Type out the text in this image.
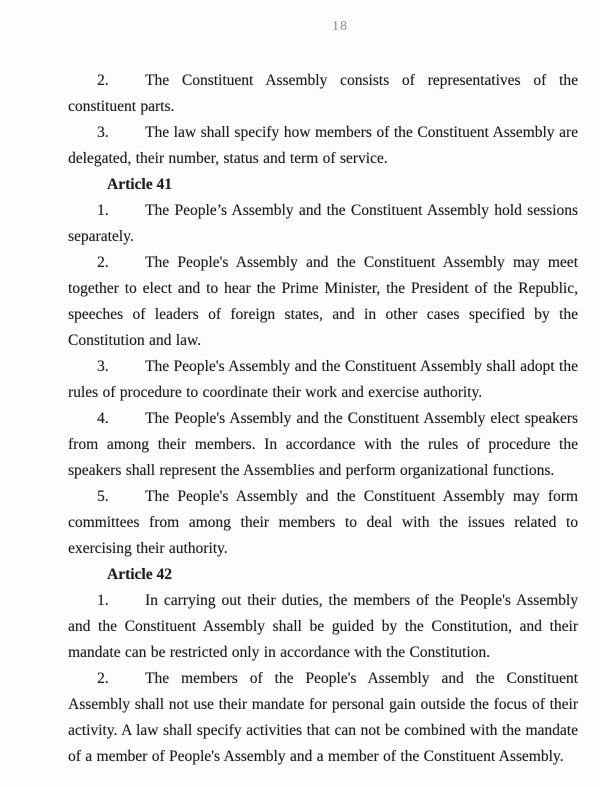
18

2. The Constituent Assembly consists of representatives of the constituent parts.

3. The law shall specify how members of the Constituent Assembly are delegated, their number, status and term of service.

Article 41

1. The People’s Assembly and the Constituent Assembly hold sessions separately.

2. The People's Assembly and the Constituent Assembly may meet together to elect and to hear the Prime Minister, the President of the Republic, speeches of leaders of foreign states, and in other cases specified by the Constitution and law.

3. The People's Assembly and the Constituent Assembly shall adopt the rules of procedure to coordinate their work and exercise authority.

4. The People's Assembly and the Constituent Assembly elect speakers from among their members. In accordance with the rules of procedure the speakers shall represent the Assemblies and perform organizational functions.

5. The People's Assembly and the Constituent Assembly may form committees from among their members to deal with the issues related to exercising their authority.

Article 42

1. In carrying out their duties, the members of the People's Assembly and the Constituent Assembly shall be guided by the Constitution, and their mandate can be restricted only in accordance with the Constitution.

2. The members of the People's Assembly and the Constituent Assembly shall not use their mandate for personal gain outside the focus of their activity. A law shall specify activities that can not be combined with the mandate of a member of People's Assembly and a member of the Constituent Assembly.
